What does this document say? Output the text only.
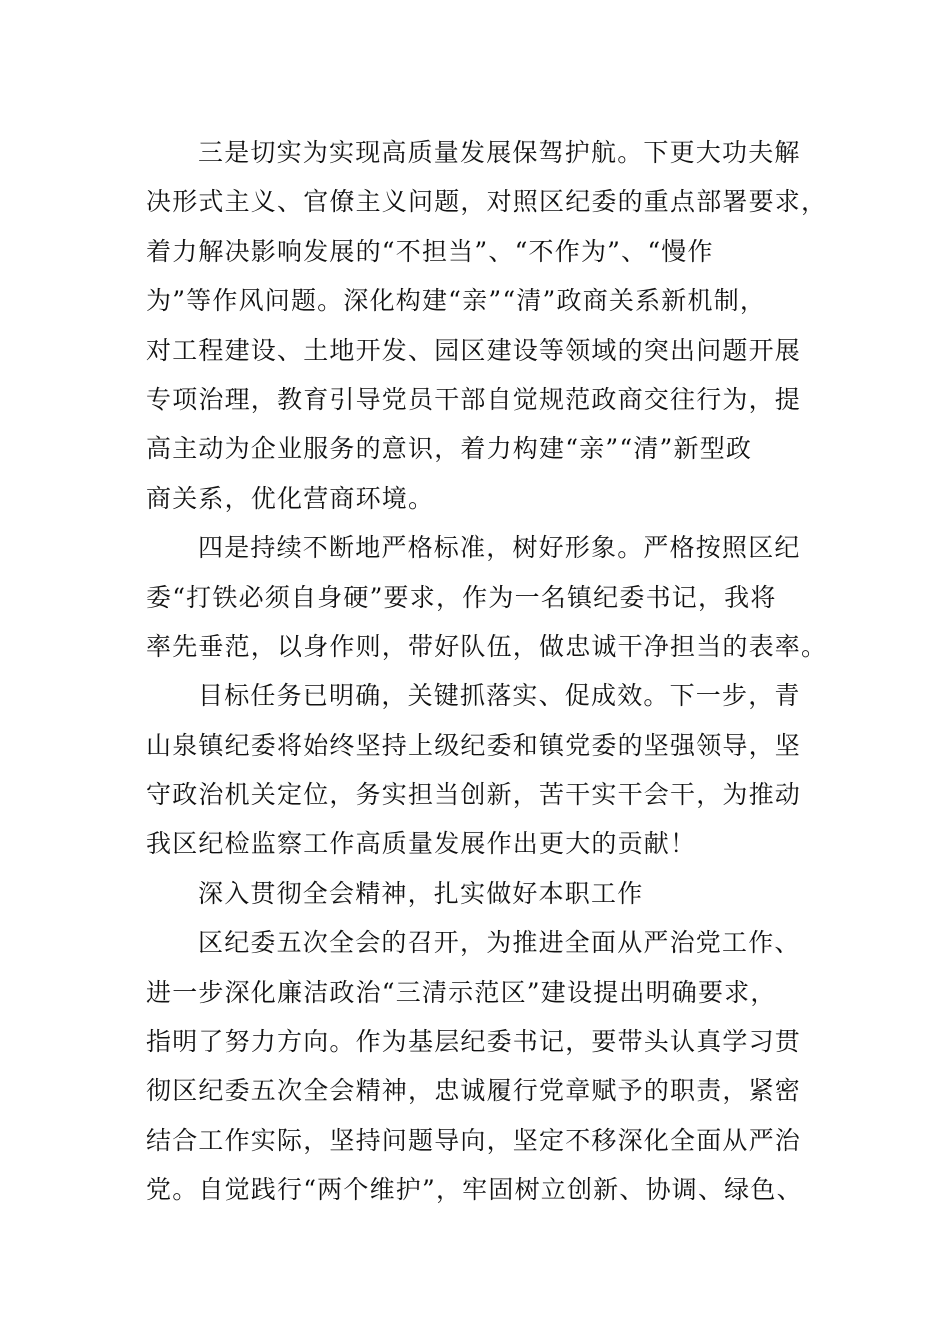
三是切实为实现高质量发展保驾护航。下更大功夫解
决形式主义、官僚主义问题，对照区纪委的重点部署要求，
着力解决影响发展的“不担当”、“不作为”、“慢作
为”等作风问题。深化构建“亲”“清”政商关系新机制，
对工程建设、土地开发、园区建设等领域的突出问题开展
专项治理，教育引导党员干部自觉规范政商交往行为，提
高主动为企业服务的意识，着力构建“亲”“清”新型政
商关系，优化营商环境。
四是持续不断地严格标准，树好形象。严格按照区纪
委“打铁必须自身硬”要求，作为一名镇纪委书记，我将
率先垂范，以身作则，带好队伍，做忠诚干净担当的表率。
目标任务已明确，关键抓落实、促成效。下一步，青
山泉镇纪委将始终坚持上级纪委和镇党委的坚强领导，坚
守政治机关定位，务实担当创新，苦干实干会干，为推动
我区纪检监察工作高质量发展作出更大的贡献！
深入贯彻全会精神，扎实做好本职工作
区纪委五次全会的召开，为推进全面从严治党工作、
进一步深化廉洁政治“三清示范区”建设提出明确要求，
指明了努力方向。作为基层纪委书记，要带头认真学习贯
彻区纪委五次全会精神，忠诚履行党章赋予的职责，紧密
结合工作实际，坚持问题导向，坚定不移深化全面从严治
党。自觉践行“两个维护”，牢固树立创新、协调、绿色、
